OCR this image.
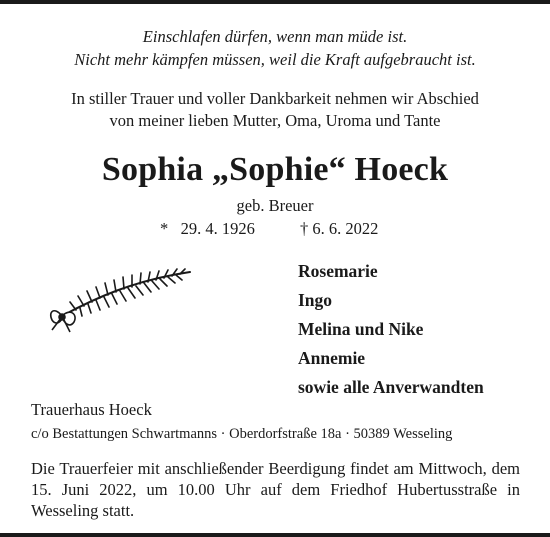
Einschlafen dürfen, wenn man müde ist.
Nicht mehr kämpfen müssen, weil die Kraft aufgebraucht ist.
In stiller Trauer und voller Dankbarkeit nehmen wir Abschied
von meiner lieben Mutter, Oma, Uroma und Tante
Sophia „Sophie“ Hoeck
geb. Breuer
* 29. 4. 1926	† 6. 6. 2022
Rosemarie
Ingo
Melina und Nike
Annemie
sowie alle Anverwandten
Trauerhaus Hoeck
c/o Bestattungen Schwartmanns · Oberdorfstraße 18a · 50389 Wesseling
Die Trauerfeier mit anschließender Beerdigung findet am Mittwoch, dem 15. Juni 2022, um 10.00 Uhr auf dem Friedhof Hubertusstraße in Wesseling statt.
